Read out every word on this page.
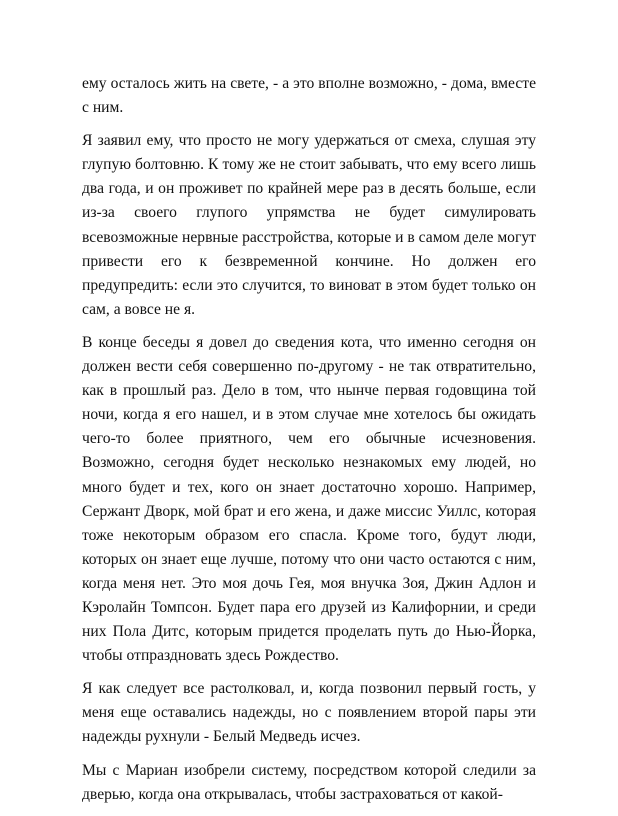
ему осталось жить на свете, - а это вполне возможно, - дома, вместе с ним.

Я заявил ему, что просто не могу удержаться от смеха, слушая эту глупую болтовню. К тому же не стоит забывать, что ему всего лишь два года, и он проживет по крайней мере раз в десять больше, если из-за своего глупого упрямства не будет симулировать всевозможные нервные расстройства, которые и в самом деле могут привести его к безвременной кончине. Но должен его предупредить: если это случится, то виноват в этом будет только он сам, а вовсе не я.

В конце беседы я довел до сведения кота, что именно сегодня он должен вести себя совершенно по-другому - не так отвратительно, как в прошлый раз. Дело в том, что нынче первая годовщина той ночи, когда я его нашел, и в этом случае мне хотелось бы ожидать чего-то более приятного, чем его обычные исчезновения. Возможно, сегодня будет несколько незнакомых ему людей, но много будет и тех, кого он знает достаточно хорошо. Например, Сержант Дворк, мой брат и его жена, и даже миссис Уиллс, которая тоже некоторым образом его спасла. Кроме того, будут люди, которых он знает еще лучше, потому что они часто остаются с ним, когда меня нет. Это моя дочь Гея, моя внучка Зоя, Джин Адлон и Кэролайн Томпсон. Будет пара его друзей из Калифорнии, и среди них Пола Дитс, которым придется проделать путь до Нью-Йорка, чтобы отпраздновать здесь Рождество.

Я как следует все растолковал, и, когда позвонил первый гость, у меня еще оставались надежды, но с появлением второй пары эти надежды рухнули - Белый Медведь исчез.

Мы с Мариан изобрели систему, посредством которой следили за дверью, когда она открывалась, чтобы застраховаться от какой-
